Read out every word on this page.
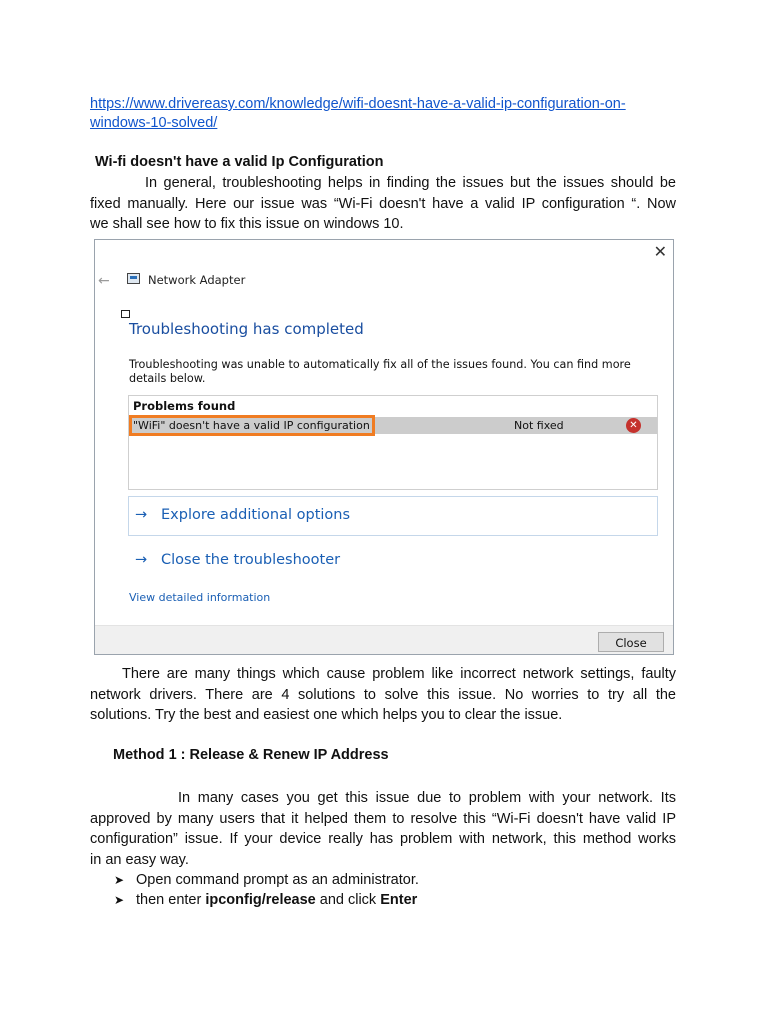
https://www.drivereasy.com/knowledge/wifi-doesnt-have-a-valid-ip-configuration-on-
windows-10-solved/
Wi-fi doesn't have a valid Ip Configuration
In general, troubleshooting helps in finding the issues but the issues should be
fixed manually. Here our issue was “Wi-Fi doesn't have a valid IP configuration “. Now
we shall see how to fix this issue on windows 10.
✕
←	Network Adapter
Troubleshooting has completed
Troubleshooting was unable to automatically fix all of the issues found. You can find more details below.
Problems found
"WiFi" doesn't have a valid IP configuration	Not fixed	✕
→ Explore additional options
→ Close the troubleshooter
View detailed information
Close
There are many things which cause problem like incorrect network settings, faulty
network drivers. There are 4 solutions to solve this issue. No worries to try all the
solutions. Try the best and easiest one which helps you to clear the issue.
Method 1 : Release & Renew IP Address
In many cases you get this issue due to problem with your network. Its
approved by many users that it helped them to resolve this “Wi-Fi doesn't have valid IP
configuration” issue. If your device really has problem with network, this method works
in an easy way.
➤ Open command prompt as an administrator.
➤ then enter ipconfig/release and click Enter
